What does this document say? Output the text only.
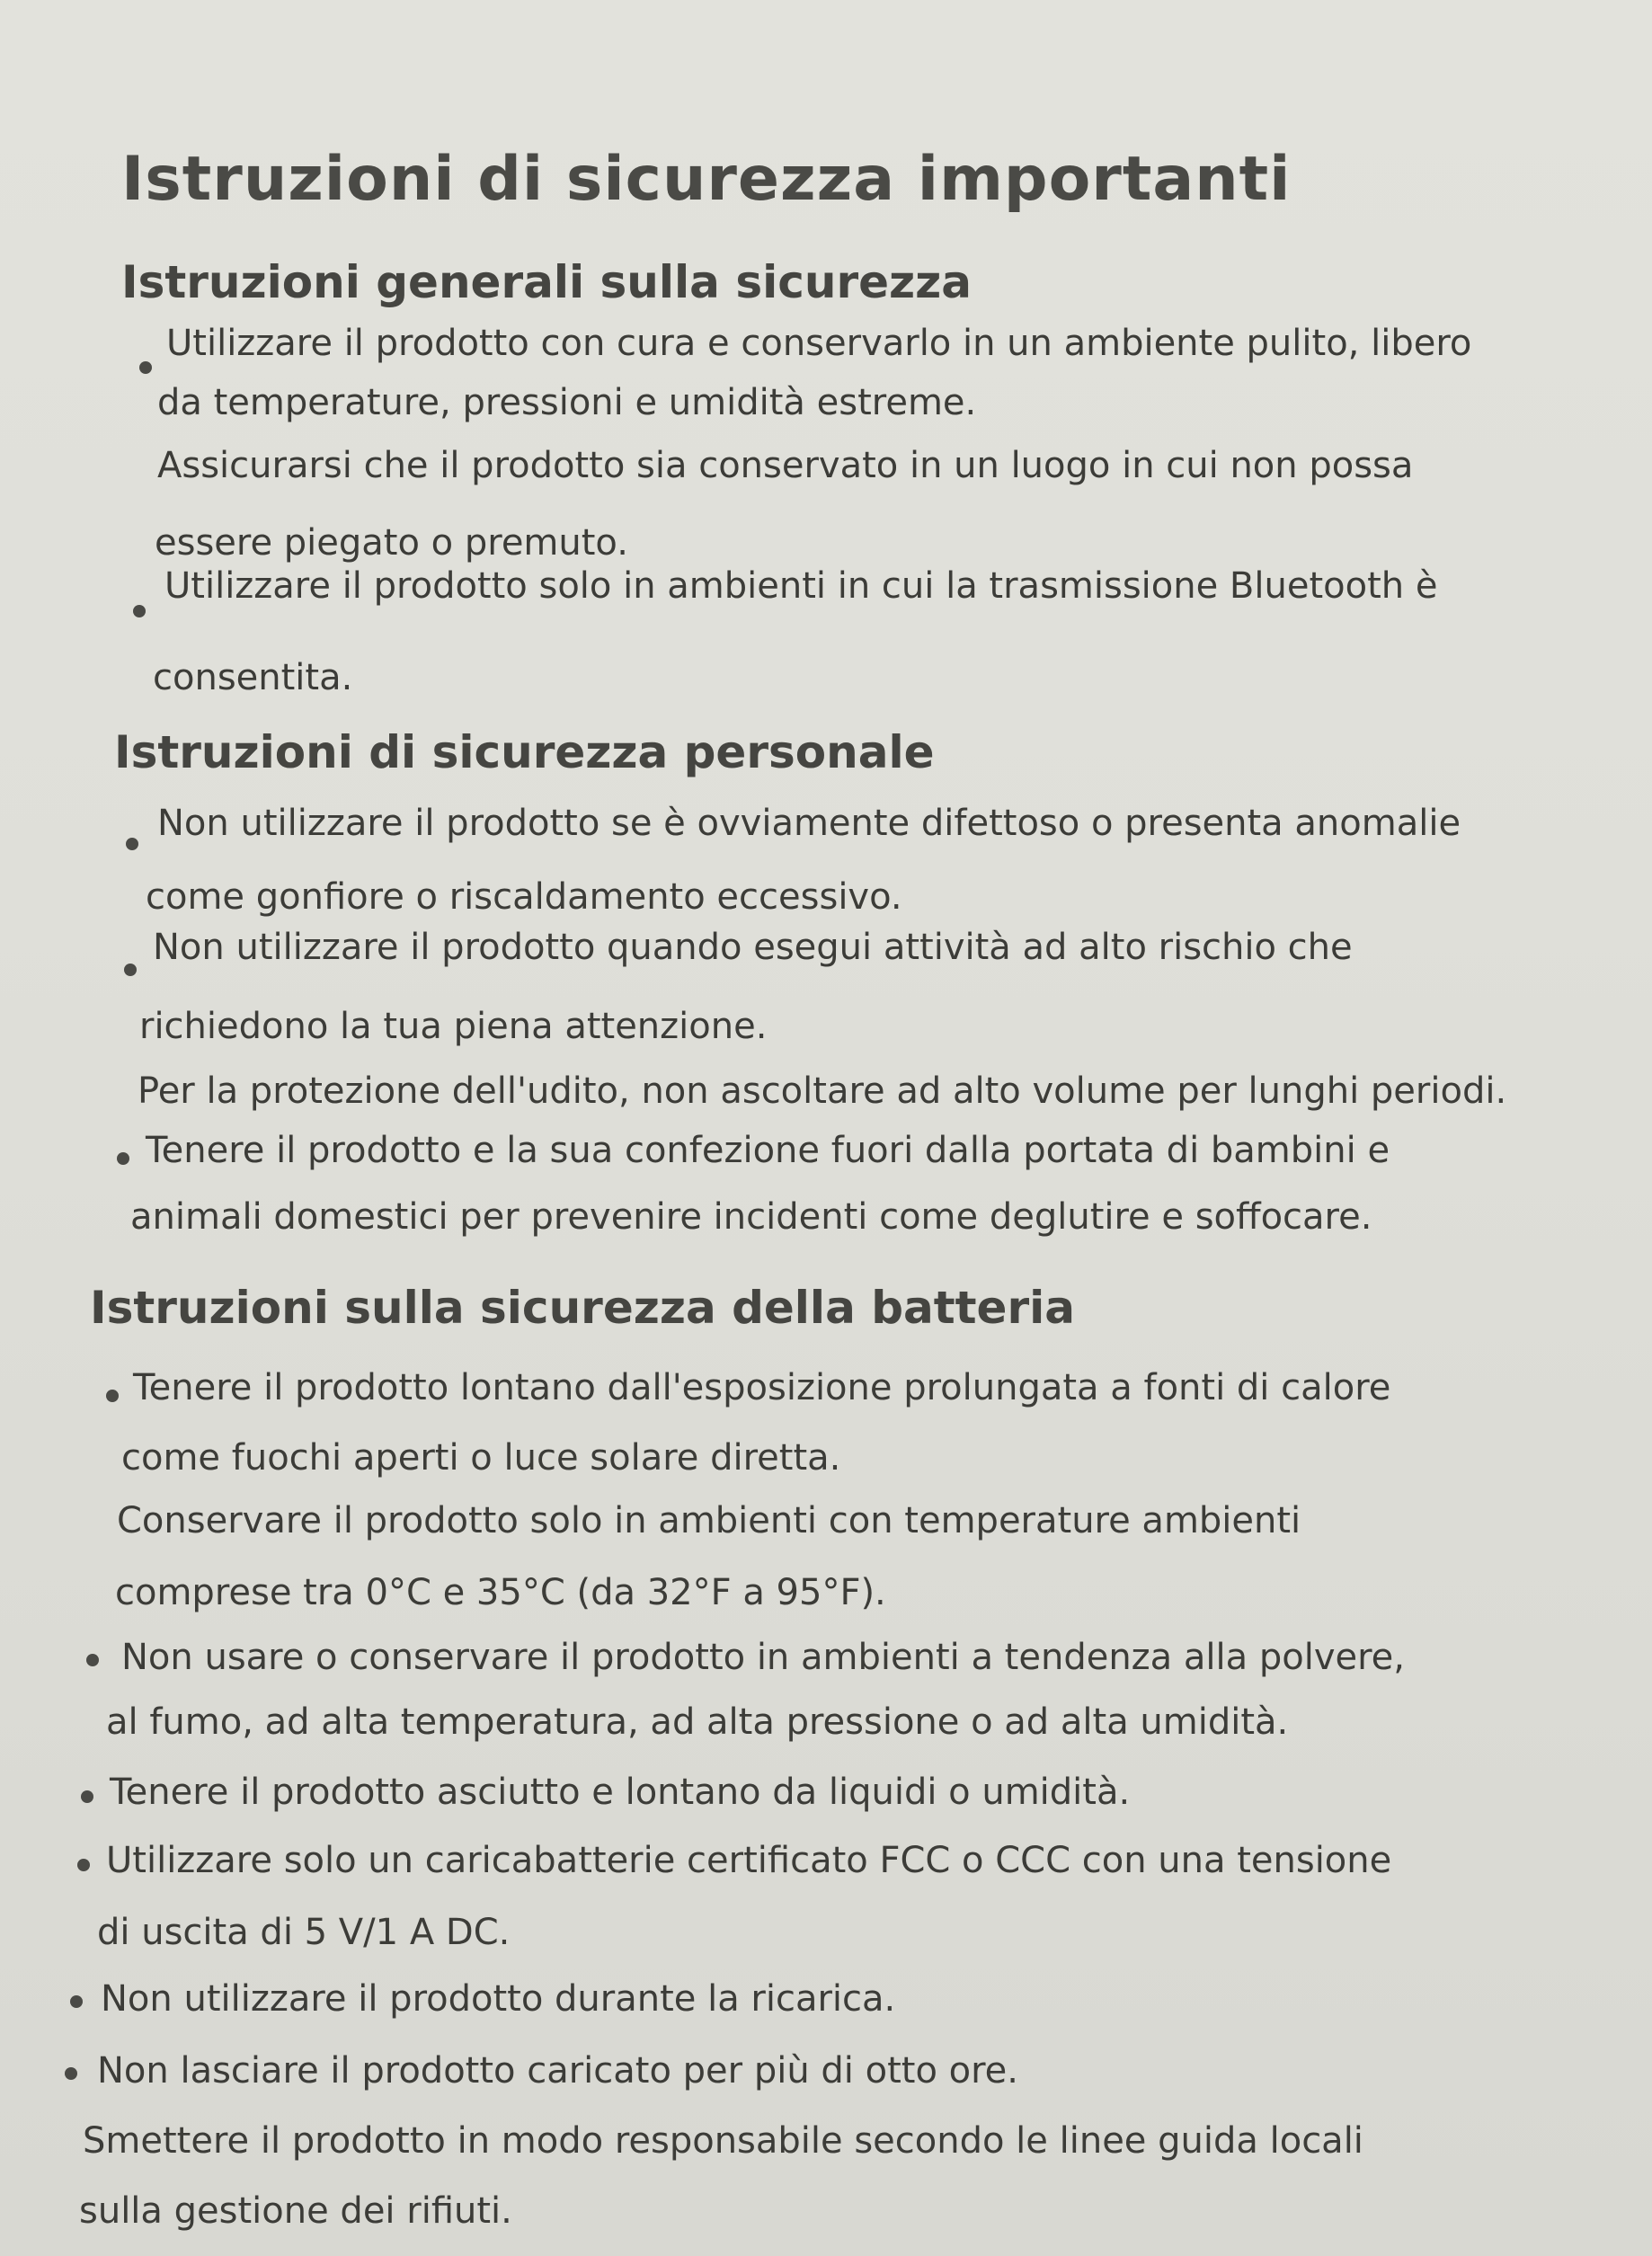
Istruzioni di sicurezza importanti
Istruzioni generali sulla sicurezza

Utilizzare il prodotto con cura e conservarlo in un ambiente pulito, libero

da temperature, pressioni e umidità estreme.

Assicurarsi che il prodotto sia conservato in un luogo in cui non possa

essere piegato o premuto.

Utilizzare il prodotto solo in ambienti in cui la trasmissione Bluetooth è

consentita.

Istruzioni di sicurezza personale

Non utilizzare il prodotto se è ovviamente difettoso o presenta anomalie

come gonfiore o riscaldamento eccessivo.

Non utilizzare il prodotto quando esegui attività ad alto rischio che

richiedono la tua piena attenzione.

Per la protezione dell'udito, non ascoltare ad alto volume per lunghi periodi.

Tenere il prodotto e la sua confezione fuori dalla portata di bambini e

animali domestici per prevenire incidenti come deglutire e soffocare.

Istruzioni sulla sicurezza della batteria

Tenere il prodotto lontano dall'esposizione prolungata a fonti di calore

come fuochi aperti o luce solare diretta.

Conservare il prodotto solo in ambienti con temperature ambienti

comprese tra 0°C e 35°C (da 32°F a 95°F).

Non usare o conservare il prodotto in ambienti a tendenza alla polvere,

al fumo, ad alta temperatura, ad alta pressione o ad alta umidità.

Tenere il prodotto asciutto e lontano da liquidi o umidità.

Utilizzare solo un caricabatterie certificato FCC o CCC con una tensione

di uscita di 5 V/1 A DC.

Non utilizzare il prodotto durante la ricarica.

Non lasciare il prodotto caricato per più di otto ore.

Smettere il prodotto in modo responsabile secondo le linee guida locali

sulla gestione dei rifiuti.
